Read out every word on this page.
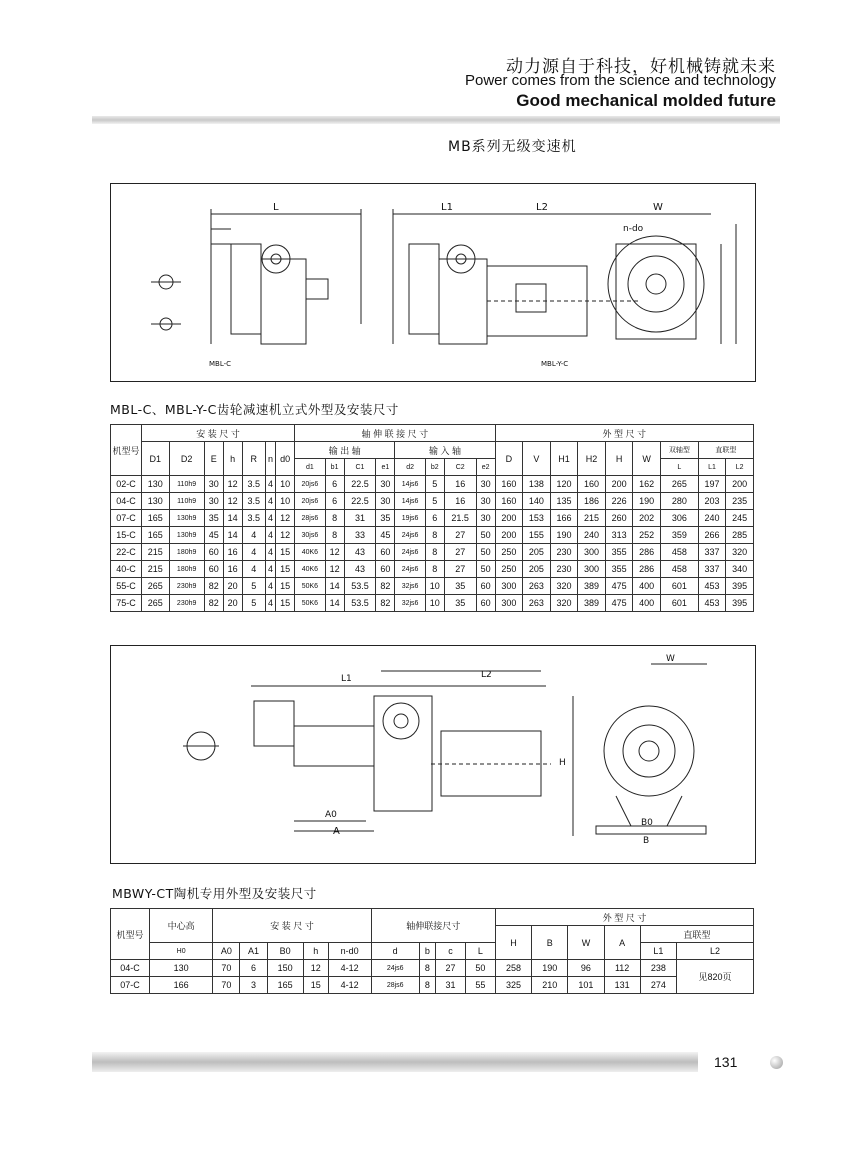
动力源自于科技，好机械铸就未来
Power comes from the science and technology
Good mechanical molded future
MB系列无级变速机
MBL-C	MBL-Y-C
L	L1	L2	W
n-do
MBL-C、MBL-Y-C齿轮减速机立式外型及安装尺寸
机型号	安 装 尺 寸							轴 伸 联 接 尺 寸								外 型 尺 寸								
	D1	D2	E	h	R	n	d0	输 出 轴				输 入 轴				D	V	H1	H2	H	W	双轴型	直联型	
								d1	b1	C1	e1	d2	b2	C2	e2							L	L1	L2
02-C	130	110h9	30	12	3.5	4	10	20js6	6	22.5	30	14js6	5	16	30	160	138	120	160	200	162	265	197	200
04-C	130	110h9	30	12	3.5	4	10	20js6	6	22.5	30	14js6	5	16	30	160	140	135	186	226	190	280	203	235
07-C	165	130h9	35	14	3.5	4	12	28js6	8	31	35	19js6	6	21.5	30	200	153	166	215	260	202	306	240	245
15-C	165	130h9	45	14	4	4	12	30js6	8	33	45	24js6	8	27	50	200	155	190	240	313	252	359	266	285
22-C	215	180h9	60	16	4	4	15	40K6	12	43	60	24js6	8	27	50	250	205	230	300	355	286	458	337	320
40-C	215	180h9	60	16	4	4	15	40K6	12	43	60	24js6	8	27	50	250	205	230	300	355	286	458	337	340
55-C	265	230h9	82	20	5	4	15	50K6	14	53.5	82	32js6	10	35	60	300	263	320	389	475	400	601	453	395
75-C	265	230h9	82	20	5	4	15	50K6	14	53.5	82	32js6	10	35	60	300	263	320	389	475	400	601	453	395
L1	L2
W
H
A0
A
B0
B
MBWY-CT陶机专用外型及安装尺寸
机型号	中心高	安 装 尺 寸					轴伸联接尺寸				外 型 尺 寸					
											H	B	W	A	直联型	
	H0	A0	A1	B0	h	n-d0	d	b	c	L					L1	L2
04-C	130	70	6	150	12	4-12	24js6	8	27	50	258	190	96	112	238	见820页
07-C	166	70	3	165	15	4-12	28js6	8	31	55	325	210	101	131	274	
131
